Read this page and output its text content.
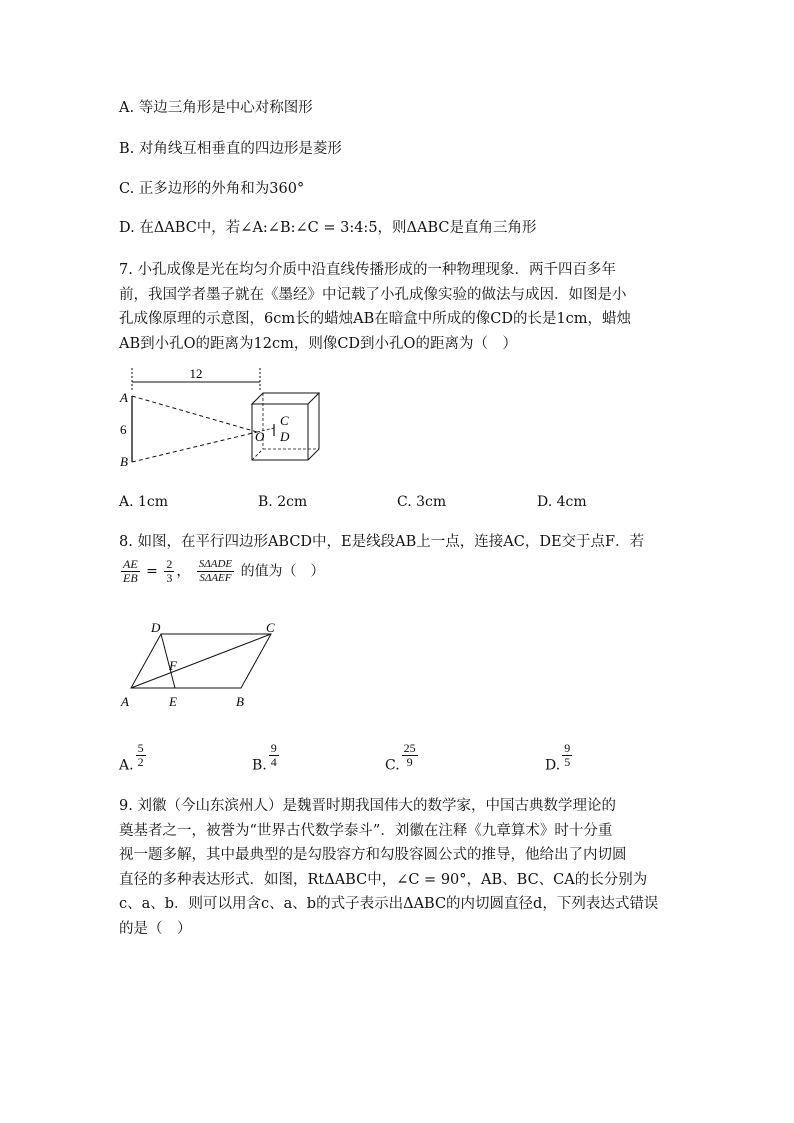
A. 等边三角形是中心对称图形
B. 对角线互相垂直的四边形是菱形
C. 正多边形的外角和为360°
D. 在ΔABC中，若∠A:∠B:∠C = 3:4:5，则ΔABC是直角三角形
7. 小孔成像是光在均匀介质中沿直线传播形成的一种物理现象．两千四百多年
前，我国学者墨子就在《墨经》中记载了小孔成像实验的做法与成因．如图是小
孔成像原理的示意图，6cm长的蜡烛AB在暗盒中所成的像CD的长是1cm，蜡烛
AB到小孔O的距离为12cm，则像CD到小孔O的距离为（　）
12
A
B
6
C
D
O
A. 1cm	B. 2cm	C. 3cm	D. 4cm
8. 如图，在平行四边形ABCD中，E是线段AB上一点，连接AC，DE交于点F．若
$\frac{AE}{EB} = \frac{2}{3}$ ， $\frac{\text{SΔADE}}{\text{SΔAEF}}$ 的值为（　）
D	C
F
A	E	B
A. $\frac{5}{2}$	B. $\frac{9}{4}$	C. $\frac{25}{9}$	D. $\frac{9}{5}$
9. 刘徽（今山东滨州人）是魏晋时期我国伟大的数学家，中国古典数学理论的
奠基者之一，被誉为“世界古代数学泰斗”．刘徽在注释《九章算术》时十分重
视一题多解，其中最典型的是勾股容方和勾股容圆公式的推导，他给出了内切圆
直径的多种表达形式．如图，RtΔABC中，∠C = 90°，AB、BC、CA的长分别为
c、a、b．则可以用含c、a、b的式子表示出ΔABC的内切圆直径d，下列表达式错误
的是（　）
